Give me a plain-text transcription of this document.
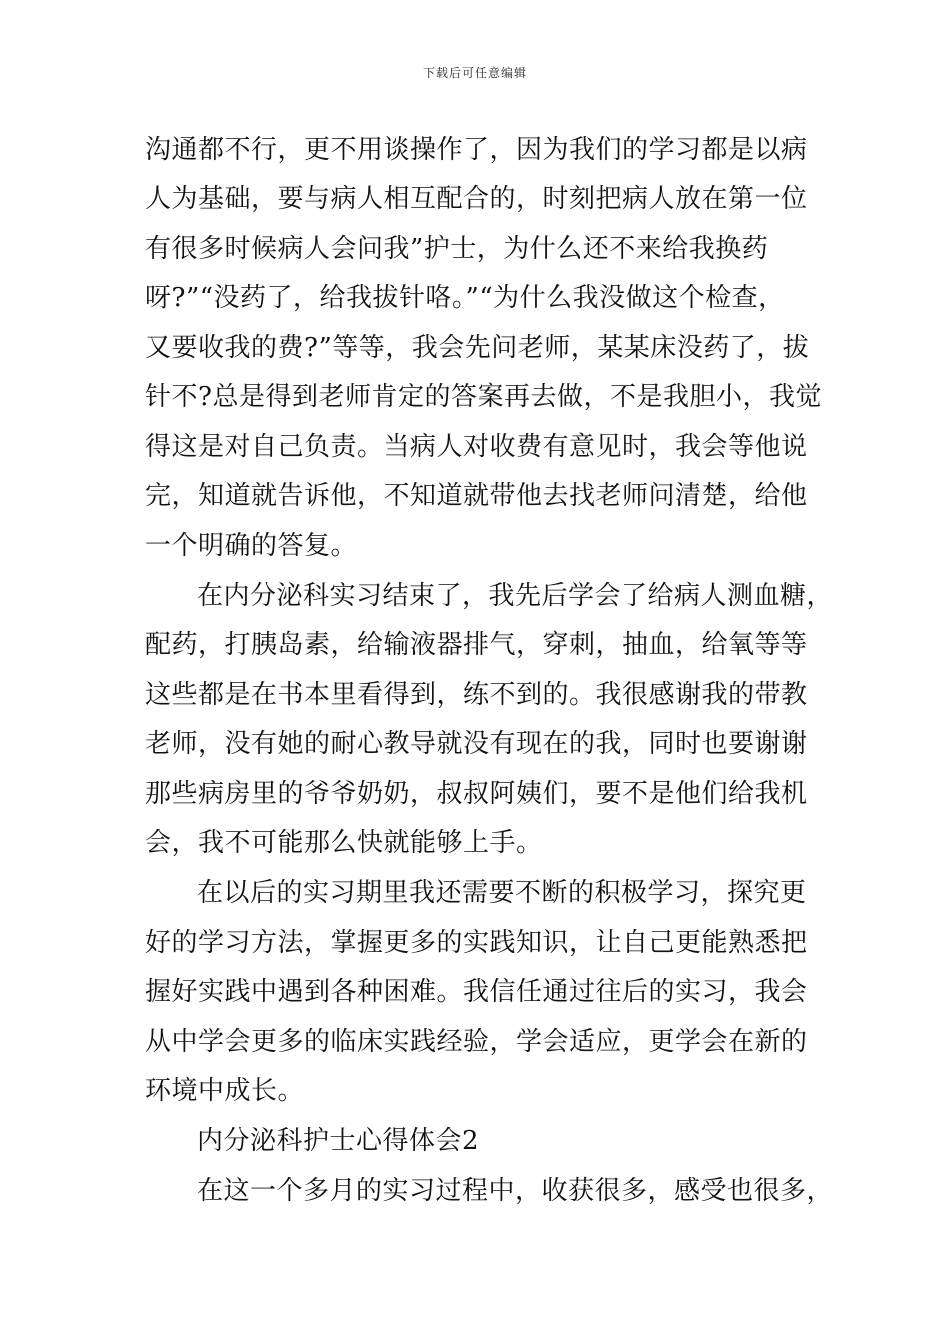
下载后可任意编辑
沟通都不行，更不用谈操作了，因为我们的学习都是以病
人为基础，要与病人相互配合的，时刻把病人放在第一位
有很多时候病人会问我”护士，为什么还不来给我换药
呀?”“没药了，给我拔针咯。”“为什么我没做这个检查，
又要收我的费?”等等，我会先问老师，某某床没药了，拔
针不?总是得到老师肯定的答案再去做，不是我胆小，我觉
得这是对自己负责。当病人对收费有意见时，我会等他说
完，知道就告诉他，不知道就带他去找老师问清楚，给他
一个明确的答复。
在内分泌科实习结束了，我先后学会了给病人测血糖，
配药，打胰岛素，给输液器排气，穿刺，抽血，给氧等等
这些都是在书本里看得到，练不到的。我很感谢我的带教
老师，没有她的耐心教导就没有现在的我，同时也要谢谢
那些病房里的爷爷奶奶，叔叔阿姨们，要不是他们给我机
会，我不可能那么快就能够上手。
在以后的实习期里我还需要不断的积极学习，探究更
好的学习方法，掌握更多的实践知识，让自己更能熟悉把
握好实践中遇到各种困难。我信任通过往后的实习，我会
从中学会更多的临床实践经验，学会适应，更学会在新的
环境中成长。
内分泌科护士心得体会2
在这一个多月的实习过程中，收获很多，感受也很多，
